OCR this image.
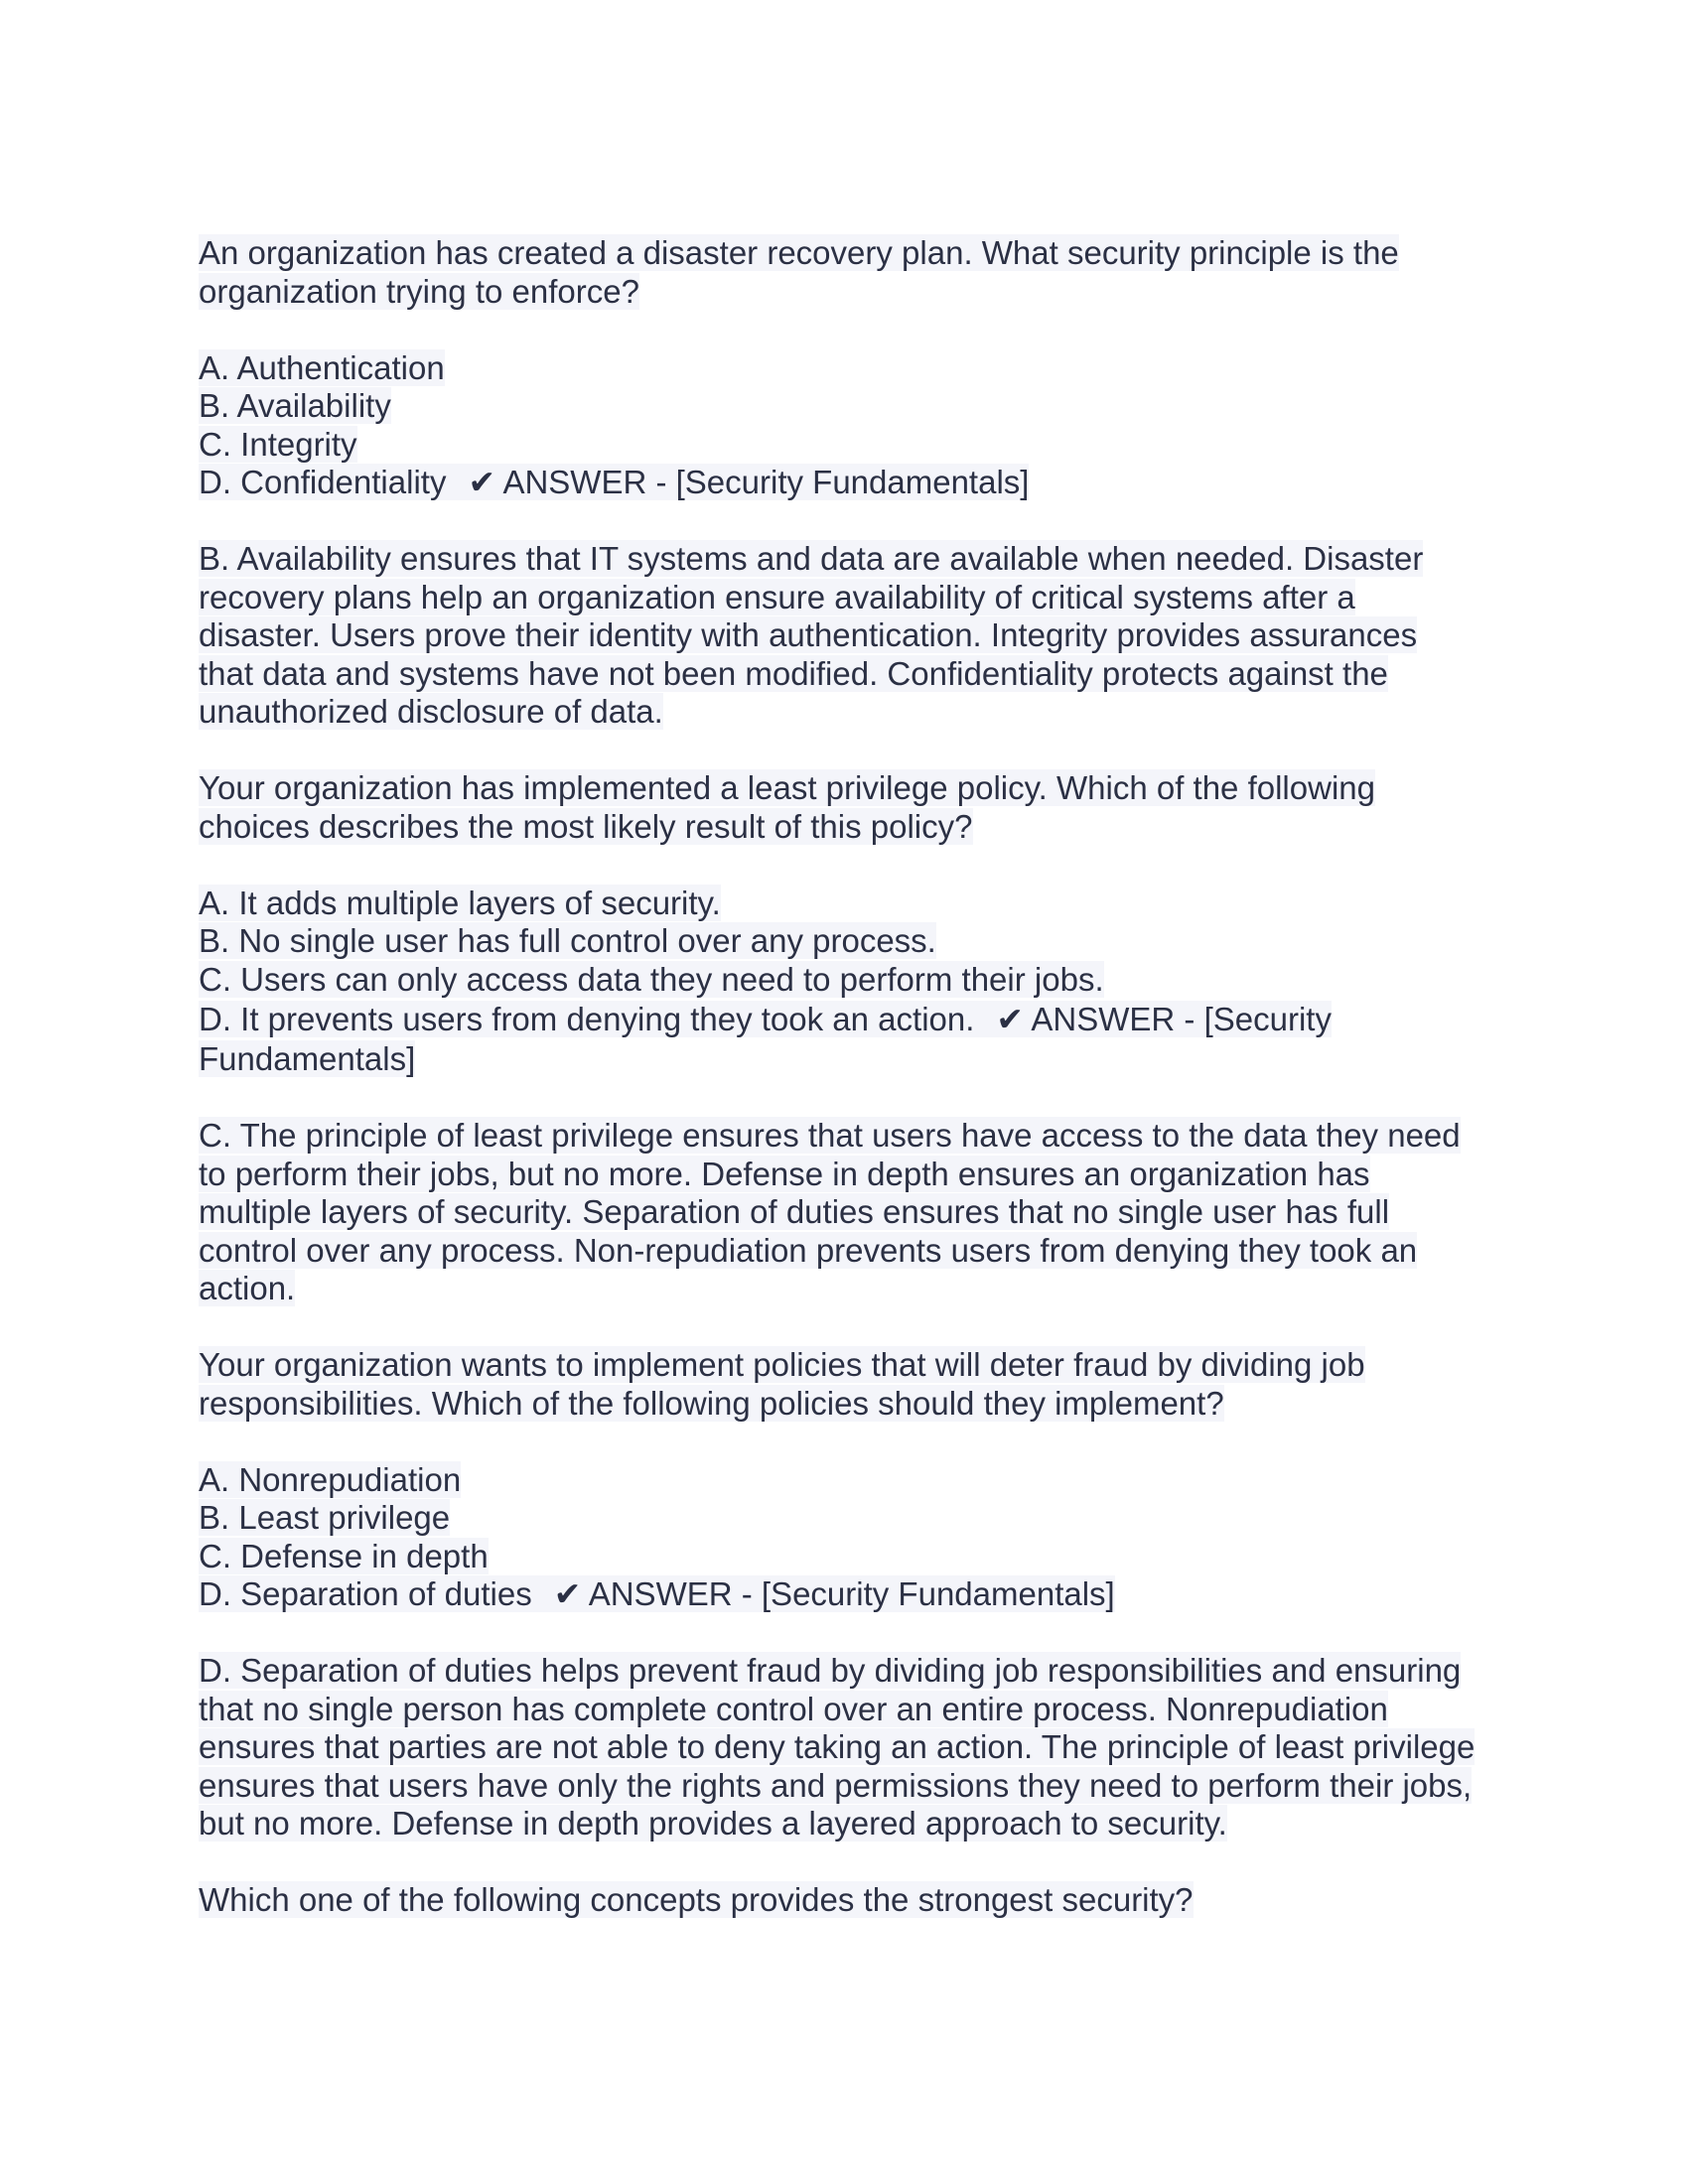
An organization has created a disaster recovery plan. What security principle is the
organization trying to enforce?
A. Authentication
B. Availability
C. Integrity
D. Confidentiality ✔ ANSWER - [Security Fundamentals]
B. Availability ensures that IT systems and data are available when needed. Disaster
recovery plans help an organization ensure availability of critical systems after a
disaster. Users prove their identity with authentication. Integrity provides assurances
that data and systems have not been modified. Confidentiality protects against the
unauthorized disclosure of data.
Your organization has implemented a least privilege policy. Which of the following
choices describes the most likely result of this policy?
A. It adds multiple layers of security.
B. No single user has full control over any process.
C. Users can only access data they need to perform their jobs.
D. It prevents users from denying they took an action. ✔ ANSWER - [Security
Fundamentals]
C. The principle of least privilege ensures that users have access to the data they need
to perform their jobs, but no more. Defense in depth ensures an organization has
multiple layers of security. Separation of duties ensures that no single user has full
control over any process. Non-repudiation prevents users from denying they took an
action.
Your organization wants to implement policies that will deter fraud by dividing job
responsibilities. Which of the following policies should they implement?
A. Nonrepudiation
B. Least privilege
C. Defense in depth
D. Separation of duties ✔ ANSWER - [Security Fundamentals]
D. Separation of duties helps prevent fraud by dividing job responsibilities and ensuring
that no single person has complete control over an entire process. Nonrepudiation
ensures that parties are not able to deny taking an action. The principle of least privilege
ensures that users have only the rights and permissions they need to perform their jobs,
but no more. Defense in depth provides a layered approach to security.
Which one of the following concepts provides the strongest security?
